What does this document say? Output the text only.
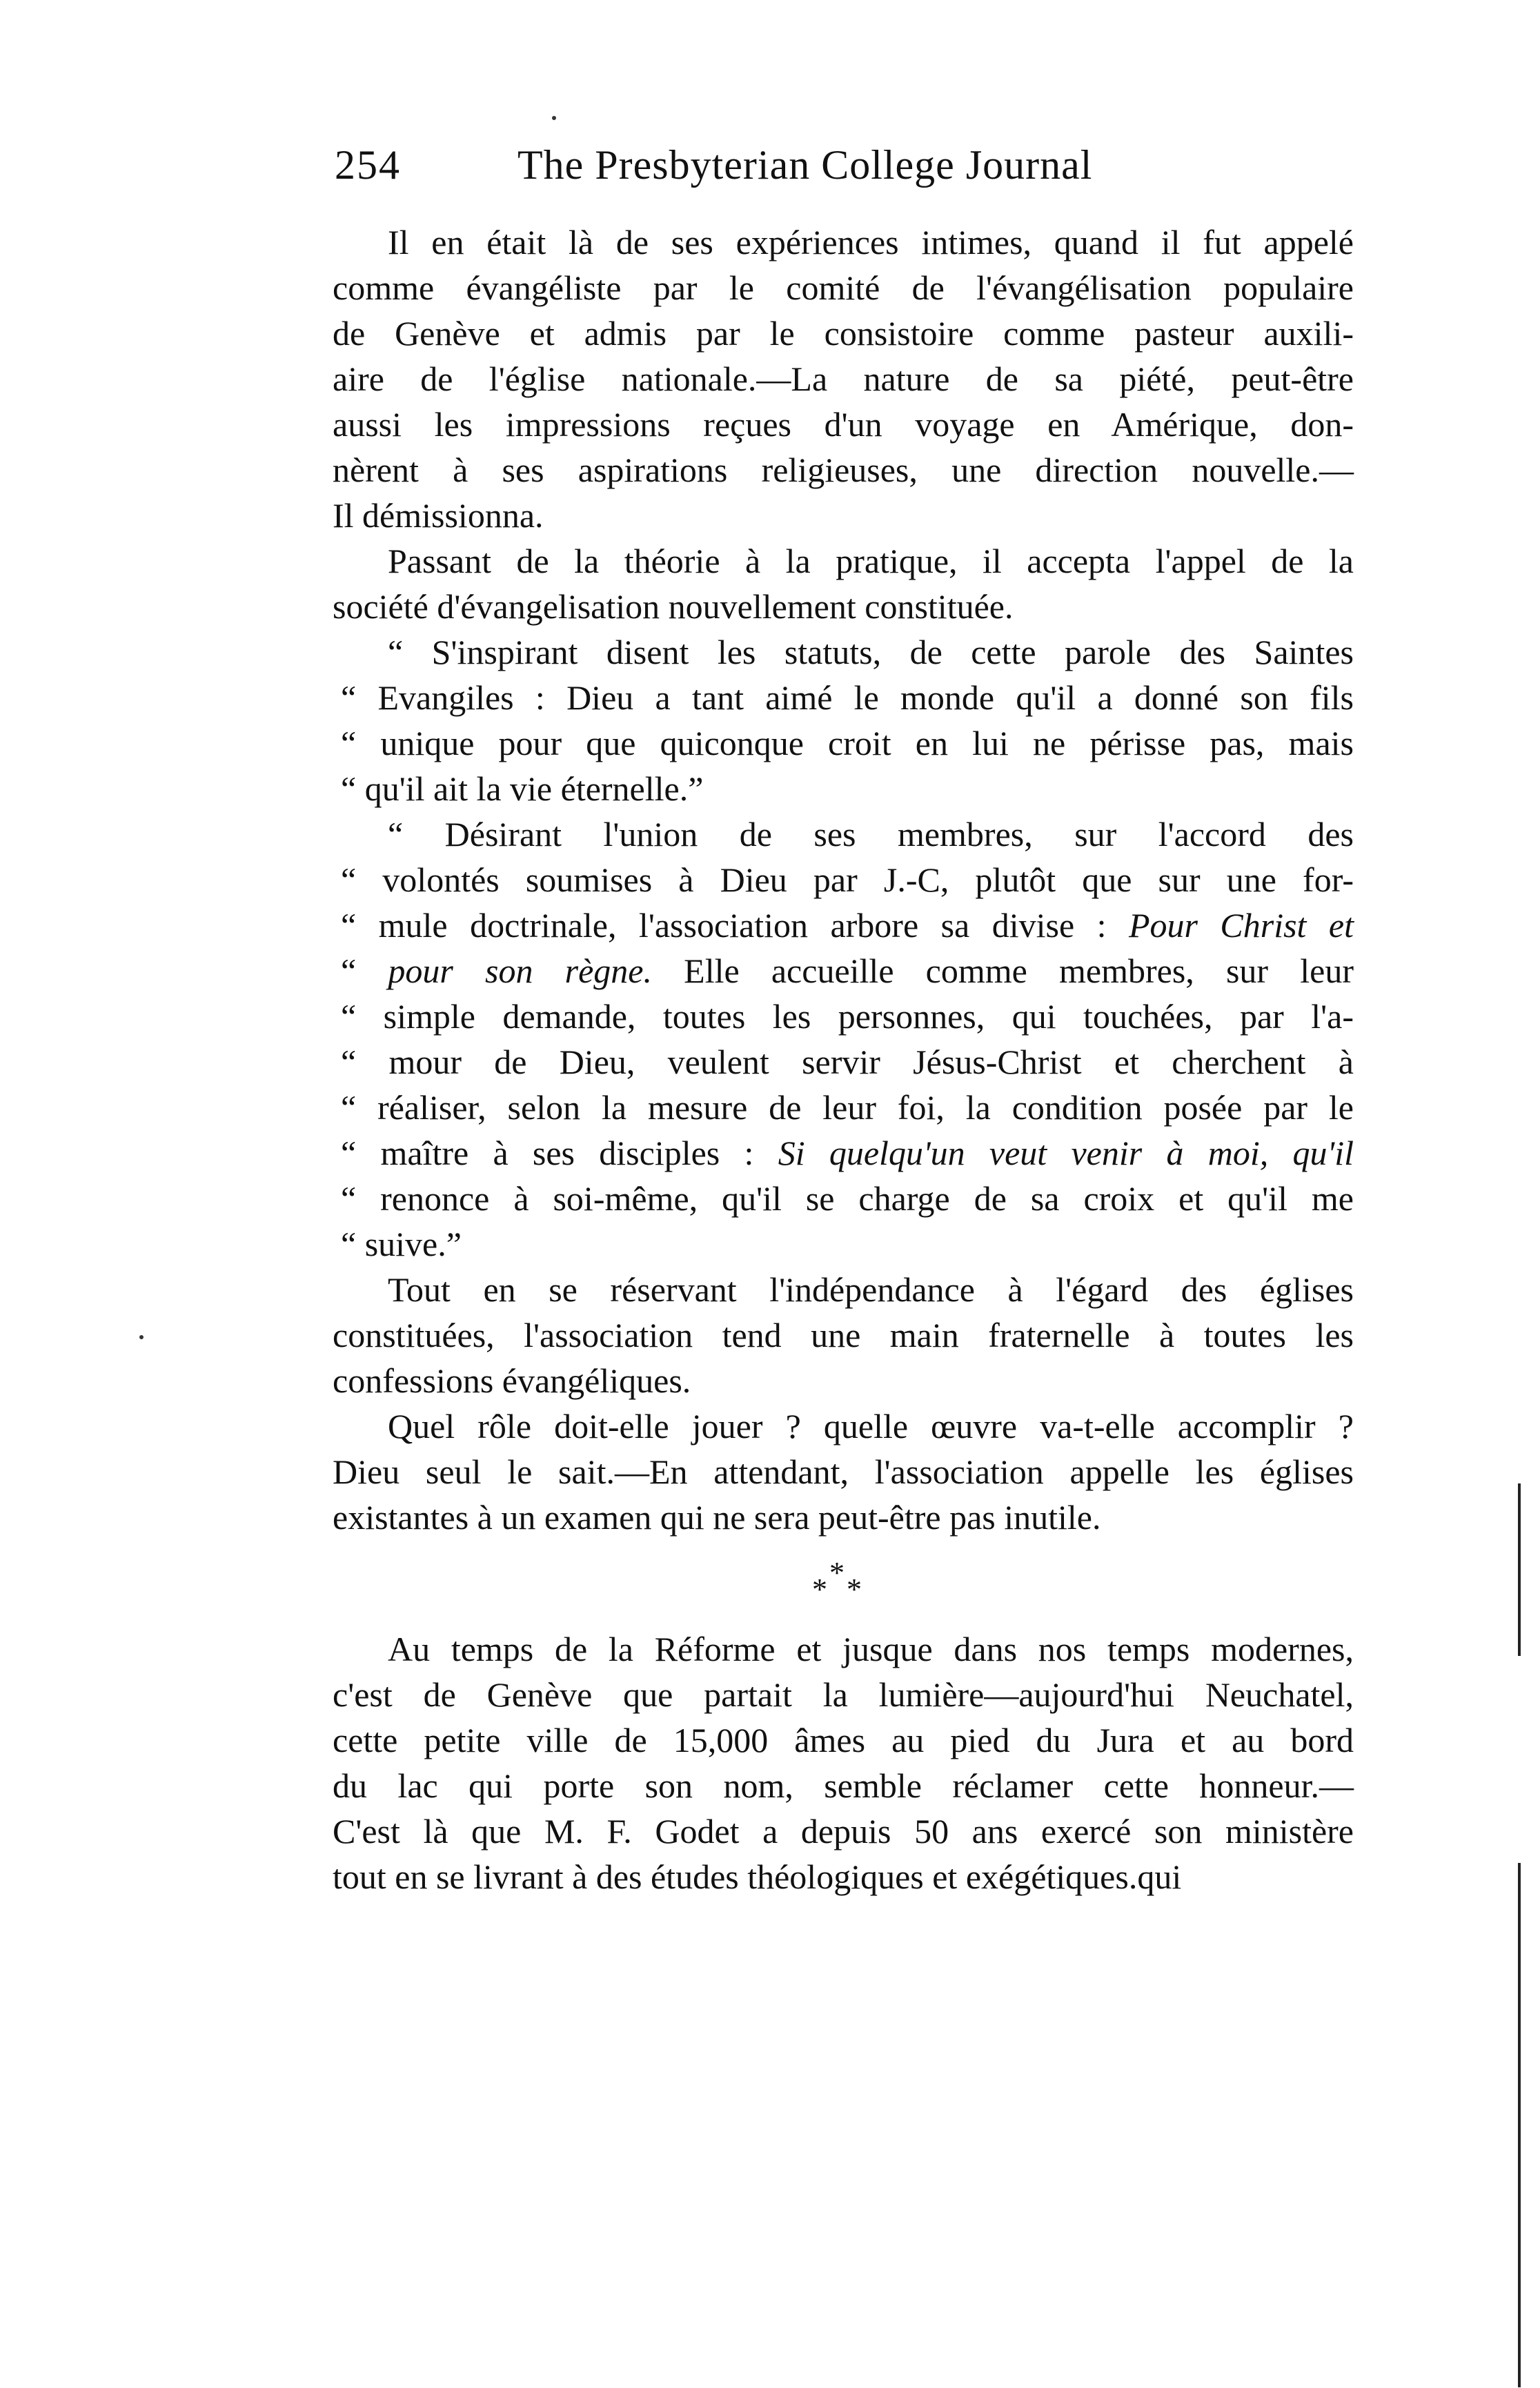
254	The Presbyterian College Journal
Il en était là de ses expériences intimes, quand il fut appelé
comme évangéliste par le comité de l'évangélisation populaire
de Genève et admis par le consistoire comme pasteur auxili-
aire de l'église nationale.—La nature de sa piété, peut-être
aussi les impressions reçues d'un voyage en Amérique, don-
nèrent à ses aspirations religieuses, une direction nouvelle.—
Il démissionna.
Passant de la théorie à la pratique, il accepta l'appel de la
société d'évangelisation nouvellement constituée.
“ S'inspirant disent les statuts, de cette parole des Saintes
“ Evangiles : Dieu a tant aimé le monde qu'il a donné son fils
“ unique pour que quiconque croit en lui ne périsse pas, mais
“ qu'il ait la vie éternelle.”
“ Désirant l'union de ses membres, sur l'accord des
“ volontés soumises à Dieu par J.-C, plutôt que sur une for-
“ mule doctrinale, l'association arbore sa divise : Pour Christ et
“ pour son règne. Elle accueille comme membres, sur leur
“ simple demande, toutes les personnes, qui touchées, par l'a-
“ mour de Dieu, veulent servir Jésus-Christ et cherchent à
“ réaliser, selon la mesure de leur foi, la condition posée par le
“ maître à ses disciples : Si quelqu'un veut venir à moi, qu'il
“ renonce à soi-même, qu'il se charge de sa croix et qu'il me
“ suive.”
Tout en se réservant l'indépendance à l'égard des églises
constituées, l'association tend une main fraternelle à toutes les
confessions évangéliques.
Quel rôle doit-elle jouer ? quelle œuvre va-t-elle accomplir ?
Dieu seul le sait.—En attendant, l'association appelle les églises
existantes à un examen qui ne sera peut-être pas inutile.
*
* *
Au temps de la Réforme et jusque dans nos temps modernes,
c'est de Genève que partait la lumière—aujourd'hui Neuchatel,
cette petite ville de 15,000 âmes au pied du Jura et au bord
du lac qui porte son nom, semble réclamer cette honneur.—
C'est là que M. F. Godet a depuis 50 ans exercé son ministère
tout en se livrant à des études théologiques et exégétiques.qui
